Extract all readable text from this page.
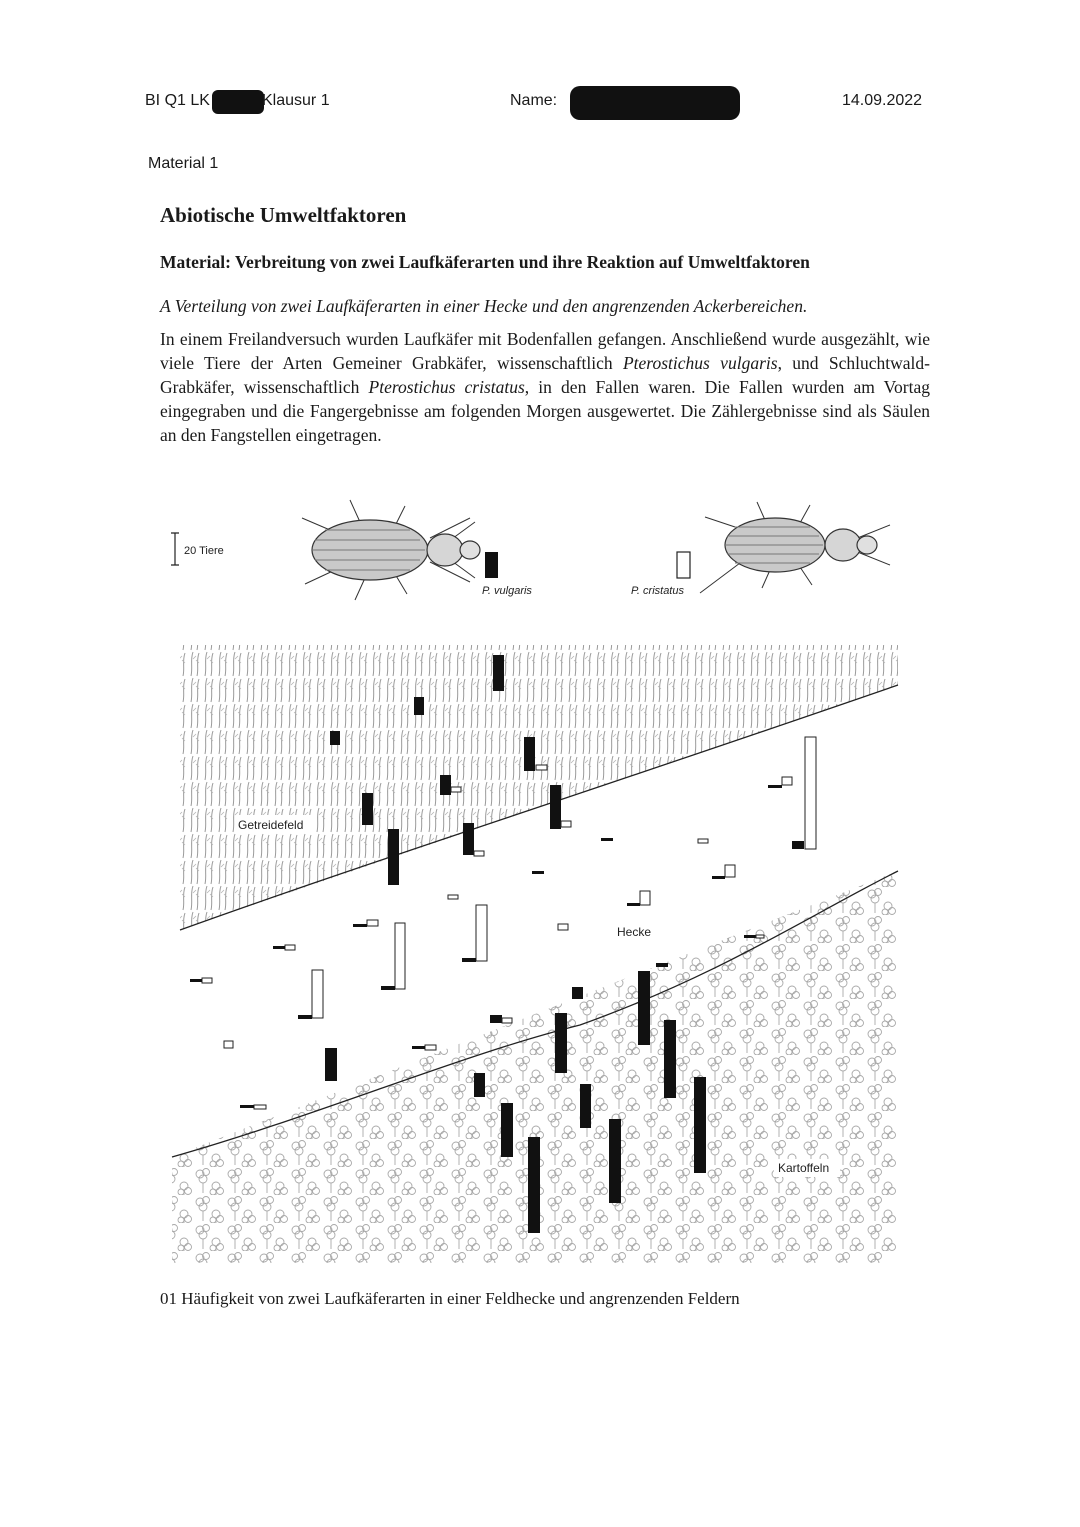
BI Q1 LK	Klausur 1	Name:	14.09.2022
Material 1
Abiotische Umweltfaktoren
Material: Verbreitung von zwei Laufkäferarten und ihre Reaktion auf Umweltfaktoren
A Verteilung von zwei Laufkäferarten in einer Hecke und den angrenzenden Ackerbereichen.
In einem Freilandversuch wurden Laufkäfer mit Bodenfallen gefangen. Anschließend wurde ausgezählt, wie viele Tiere der Arten Gemeiner Grabkäfer, wissenschaftlich Pterostichus vulgaris, und Schluchtwald-Grabkäfer, wissenschaftlich Pterostichus cristatus, in den Fallen waren. Die Fallen wurden am Vortag eingegraben und die Fangergebnisse am folgenden Morgen ausgewertet. Die Zählergebnisse sind als Säulen an den Fangstellen eingetragen.
20 Tiere
P. vulgaris	P. cristatus
Getreidefeld
Hecke
Kartoffeln
01 Häufigkeit von zwei Laufkäferarten in einer Feldhecke und angrenzenden Feldern
